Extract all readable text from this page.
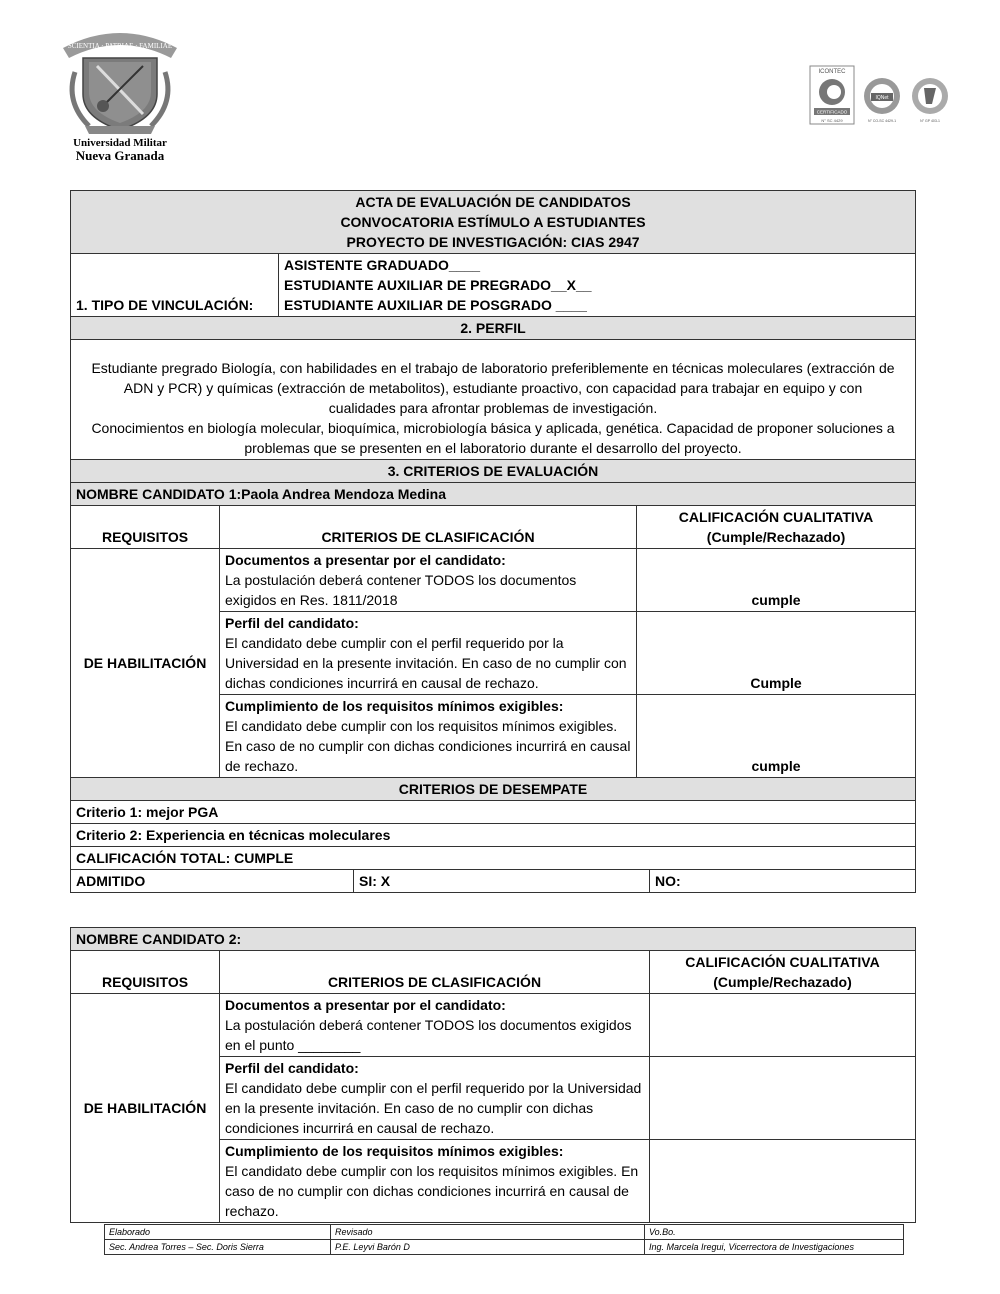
SCIENTIA · PATRIAE · FAMILIAE
Universidad Militar
Nueva Granada
ICONTEC
CERTIFICADO
N° SC 4429
IQNet
N° CO-SC 4429-1	N° GP 403-1
ACTA DE EVALUACIÓN DE CANDIDATOS
CONVOCATORIA ESTÍMULO A ESTUDIANTES
PROYECTO DE INVESTIGACIÓN: CIAS 2947					

1. TIPO DE VINCULACIÓN:		ASISTENTE GRADUADO____
ESTUDIANTE AUXILIAR DE PREGRADO__X__
ESTUDIANTE AUXILIAR DE POSGRADO ____			

2. PERFIL					

Estudiante pregrado Biología, con habilidades en el trabajo de laboratorio preferiblemente en técnicas moleculares (extracción de ADN y PCR) y químicas (extracción de metabolitos), estudiante proactivo, con capacidad para trabajar en equipo y con cualidades para afrontar problemas de investigación.
Conocimientos en biología molecular, bioquímica, microbiología básica y aplicada, genética. Capacidad de proponer soluciones a problemas que se presenten en el laboratorio durante el desarrollo del proyecto.					

3. CRITERIOS DE EVALUACIÓN					
NOMBRE CANDIDATO 1:Paola Andrea Mendoza Medina					
REQUISITOS	CRITERIOS DE CLASIFICACIÓN			CALIFICACIÓN CUALITATIVA
(Cumple/Rechazado)	

DE HABILITACIÓN	Documentos a presentar por el candidato:
La postulación deberá contener TODOS los documentos exigidos en Res. 1811/2018			cumple	

	Perfil del candidato:
El candidato debe cumplir con el perfil requerido por la Universidad en la presente invitación. En caso de no cumplir con dichas condiciones incurrirá en causal de rechazo.			Cumple	

	Cumplimiento de los requisitos mínimos exigibles:
El candidato debe cumplir con los requisitos mínimos exigibles. En caso de no cumplir con dichas condiciones incurrirá en causal de rechazo.			cumple	
CRITERIOS DE DESEMPATE					
Criterio 1: mejor PGA					
Criterio 2: Experiencia en técnicas moleculares					
CALIFICACIÓN TOTAL: CUMPLE					
ADMITIDO			SI: X		NO:
NOMBRE CANDIDATO 2:		
REQUISITOS	CRITERIOS DE CLASIFICACIÓN	CALIFICACIÓN CUALITATIVA
(Cumple/Rechazado)

DE HABILITACIÓN	Documentos a presentar por el candidato:
La postulación deberá contener TODOS los documentos exigidos en el punto ________	

	Perfil del candidato:
El candidato debe cumplir con el perfil requerido por la Universidad en la presente invitación. En caso de no cumplir con dichas condiciones incurrirá en causal de rechazo.	

	Cumplimiento de los requisitos mínimos exigibles:
El candidato debe cumplir con los requisitos mínimos exigibles. En caso de no cumplir con dichas condiciones incurrirá en causal de rechazo.	

Elaborado	Revisado	Vo.Bo.
Sec. Andrea Torres – Sec. Doris Sierra	P.E. Leyvi Barón D	Ing. Marcela Iregui, Vicerrectora de Investigaciones
